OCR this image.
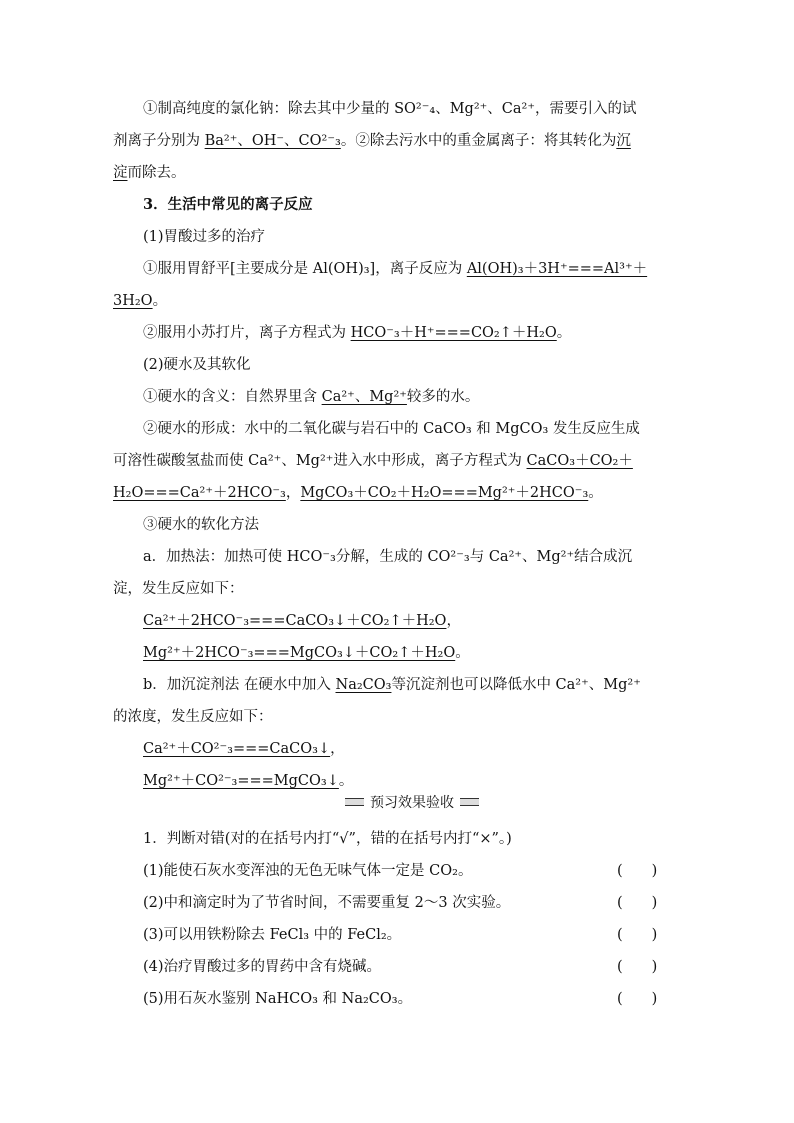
①制高纯度的氯化钠：除去其中少量的 SO²⁻₄、Mg²⁺、Ca²⁺，需要引入的试
剂离子分别为 Ba²⁺、OH⁻、CO²⁻₃。②除去污水中的重金属离子：将其转化为沉
淀而除去。
3．生活中常见的离子反应
(1)胃酸过多的治疗
①服用胃舒平[主要成分是 Al(OH)₃]，离子反应为 Al(OH)₃＋3H⁺===Al³⁺＋
3H₂O。
②服用小苏打片，离子方程式为 HCO⁻₃＋H⁺===CO₂↑＋H₂O。
(2)硬水及其软化
①硬水的含义：自然界里含 Ca²⁺、Mg²⁺较多的水。
②硬水的形成：水中的二氧化碳与岩石中的 CaCO₃ 和 MgCO₃ 发生反应生成
可溶性碳酸氢盐而使 Ca²⁺、Mg²⁺进入水中形成，离子方程式为 CaCO₃＋CO₂＋
H₂O===Ca²⁺＋2HCO⁻₃，MgCO₃＋CO₂＋H₂O===Mg²⁺＋2HCO⁻₃。
③硬水的软化方法
a．加热法：加热可使 HCO⁻₃分解，生成的 CO²⁻₃与 Ca²⁺、Mg²⁺结合成沉
淀，发生反应如下：
Ca²⁺＋2HCO⁻₃===CaCO₃↓＋CO₂↑＋H₂O，
Mg²⁺＋2HCO⁻₃===MgCO₃↓＋CO₂↑＋H₂O。
b．加沉淀剂法 在硬水中加入 Na₂CO₃等沉淀剂也可以降低水中 Ca²⁺、Mg²⁺
的浓度，发生反应如下：
Ca²⁺＋CO²⁻₃===CaCO₃↓，
Mg²⁺＋CO²⁻₃===MgCO₃↓。
预习效果验收
1．判断对错(对的在括号内打“√”，错的在括号内打“×”。)
(1)能使石灰水变浑浊的无色无味气体一定是 CO₂。	(　　)
(2)中和滴定时为了节省时间，不需要重复 2～3 次实验。	(　　)
(3)可以用铁粉除去 FeCl₃ 中的 FeCl₂。	(　　)
(4)治疗胃酸过多的胃药中含有烧碱。	(　　)
(5)用石灰水鉴别 NaHCO₃ 和 Na₂CO₃。	(　　)
